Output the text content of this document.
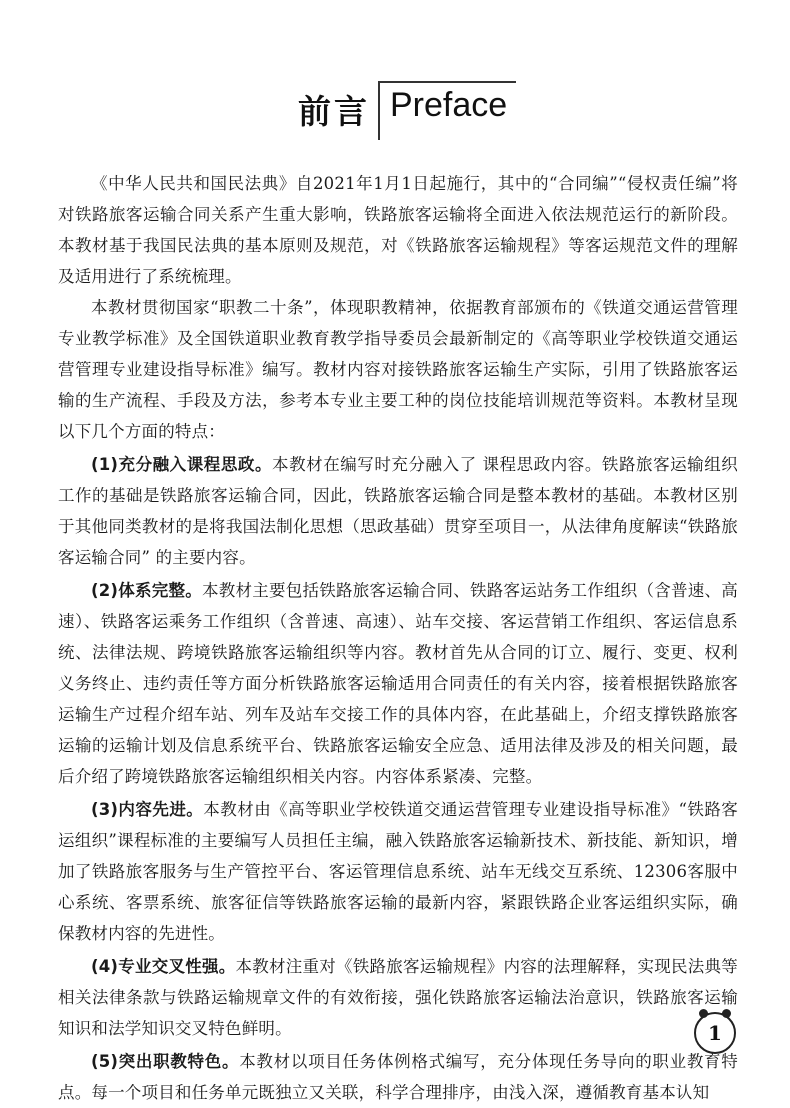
前言 Preface

《中华人民共和国民法典》自2021年1月1日起施行，其中的“合同编”“侵权责任编”将对铁路旅客运输合同关系产生重大影响，铁路旅客运输将全面进入依法规范运行的新阶段。本教材基于我国民法典的基本原则及规范，对《铁路旅客运输规程》等客运规范文件的理解及适用进行了系统梳理。

本教材贯彻国家“职教二十条”，体现职教精神，依据教育部颁布的《铁道交通运营管理专业教学标准》及全国铁道职业教育教学指导委员会最新制定的《高等职业学校铁道交通运营管理专业建设指导标准》编写。教材内容对接铁路旅客运输生产实际，引用了铁路旅客运输的生产流程、手段及方法，参考本专业主要工种的岗位技能培训规范等资料。本教材呈现以下几个方面的特点：

(1)充分融入课程思政。本教材在编写时充分融入了 课程思政内容。铁路旅客运输组织工作的基础是铁路旅客运输合同，因此，铁路旅客运输合同是整本教材的基础。本教材区别于其他同类教材的是将我国法制化思想（思政基础）贯穿至项目一，从法律角度解读“铁路旅客运输合同” 的主要内容。

(2)体系完整。本教材主要包括铁路旅客运输合同、铁路客运站务工作组织（含普速、高速）、铁路客运乘务工作组织（含普速、高速）、站车交接、客运营销工作组织、客运信息系统、法律法规、跨境铁路旅客运输组织等内容。教材首先从合同的订立、履行、变更、权利义务终止、违约责任等方面分析铁路旅客运输适用合同责任的有关内容，接着根据铁路旅客运输生产过程介绍车站、列车及站车交接工作的具体内容，在此基础上，介绍支撑铁路旅客运输的运输计划及信息系统平台、铁路旅客运输安全应急、适用法律及涉及的相关问题，最后介绍了跨境铁路旅客运输组织相关内容。内容体系紧凑、完整。

(3)内容先进。本教材由《高等职业学校铁道交通运营管理专业建设指导标准》“铁路客运组织”课程标准的主要编写人员担任主编，融入铁路旅客运输新技术、新技能、新知识，增加了铁路旅客服务与生产管控平台、客运管理信息系统、站车无线交互系统、12306客服中心系统、客票系统、旅客征信等铁路旅客运输的最新内容，紧跟铁路企业客运组织实际，确保教材内容的先进性。

(4)专业交叉性强。本教材注重对《铁路旅客运输规程》内容的法理解释，实现民法典等相关法律条款与铁路运输规章文件的有效衔接，强化铁路旅客运输法治意识，铁路旅客运输知识和法学知识交叉特色鲜明。

(5)突出职教特色。本教材以项目任务体例格式编写，充分体现任务导向的职业教育特点。每一个项目和任务单元既独立又关联，科学合理排序，由浅入深，遵循教育基本认知

1
